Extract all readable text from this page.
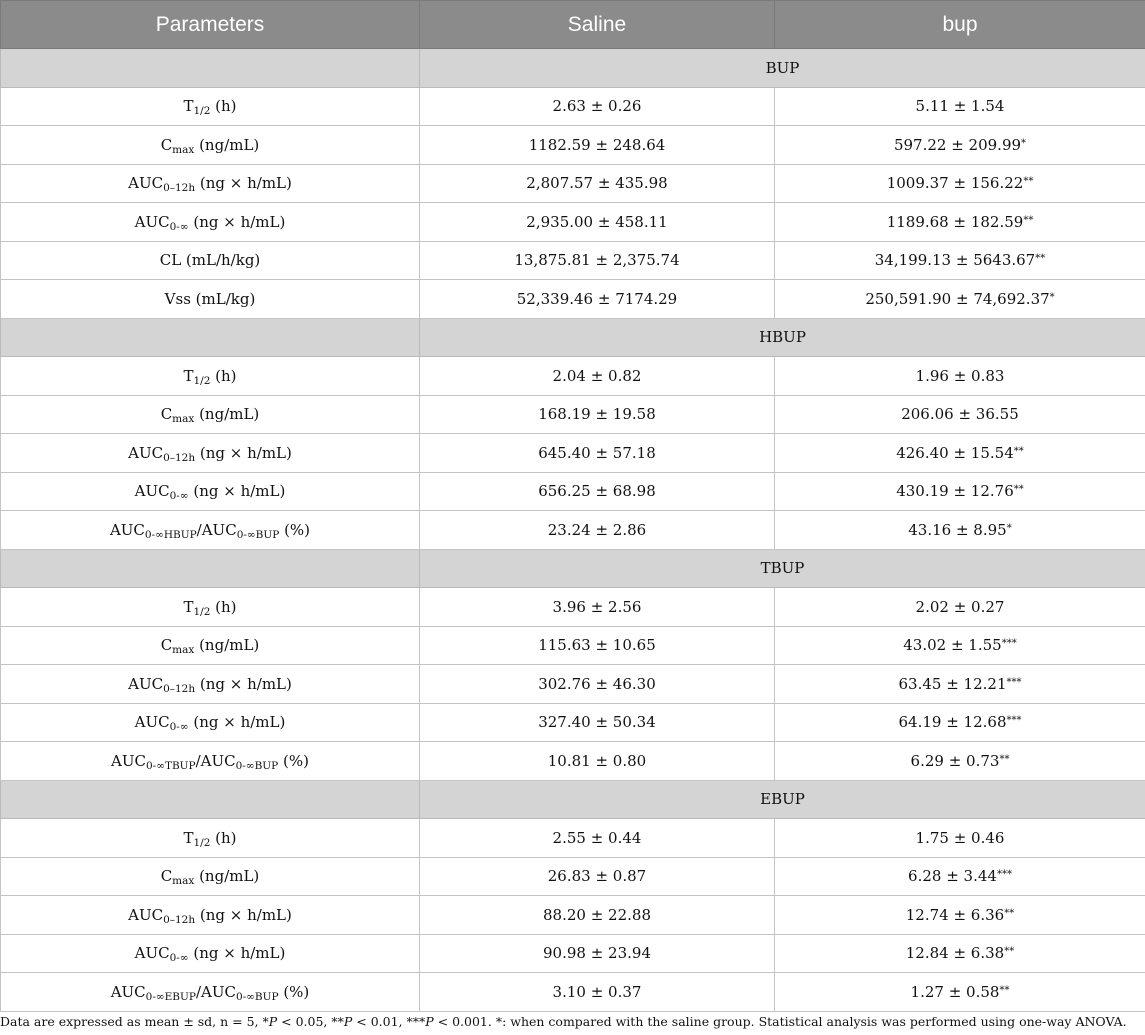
Parameters	Saline	bup
	BUP	
$T_{1/2}$ (h)	2.63 ± 0.26	5.11 ± 1.54
$C_{max}$ (ng/mL)	1182.59 ± 248.64	597.22 ± 209.99*
$AUC_{0-12h}$ (ng × h/mL)	2,807.57 ± 435.98	1009.37 ± 156.22**
$AUC_{0-\infty}$ (ng × h/mL)	2,935.00 ± 458.11	1189.68 ± 182.59**
CL (mL/h/kg)	13,875.81 ± 2,375.74	34,199.13 ± 5643.67**
Vss (mL/kg)	52,339.46 ± 7174.29	250,591.90 ± 74,692.37*
	HBUP	
$T_{1/2}$ (h)	2.04 ± 0.82	1.96 ± 0.83
$C_{max}$ (ng/mL)	168.19 ± 19.58	206.06 ± 36.55
$AUC_{0-12h}$ (ng × h/mL)	645.40 ± 57.18	426.40 ± 15.54**
$AUC_{0-\infty}$ (ng × h/mL)	656.25 ± 68.98	430.19 ± 12.76**
$AUC_{0-\infty HBUP}/AUC_{0-\infty BUP}$ (%)	23.24 ± 2.86	43.16 ± 8.95*
	TBUP	
$T_{1/2}$ (h)	3.96 ± 2.56	2.02 ± 0.27
$C_{max}$ (ng/mL)	115.63 ± 10.65	43.02 ± 1.55***
$AUC_{0-12h}$ (ng × h/mL)	302.76 ± 46.30	63.45 ± 12.21***
$AUC_{0-\infty}$ (ng × h/mL)	327.40 ± 50.34	64.19 ± 12.68***
$AUC_{0-\infty TBUP}/AUC_{0-\infty BUP}$ (%)	10.81 ± 0.80	6.29 ± 0.73**
	EBUP	
$T_{1/2}$ (h)	2.55 ± 0.44	1.75 ± 0.46
$C_{max}$ (ng/mL)	26.83 ± 0.87	6.28 ± 3.44***
$AUC_{0-12h}$ (ng × h/mL)	88.20 ± 22.88	12.74 ± 6.36**
$AUC_{0-\infty}$ (ng × h/mL)	90.98 ± 23.94	12.84 ± 6.38**
$AUC_{0-\infty EBUP}/AUC_{0-\infty BUP}$ (%)	3.10 ± 0.37	1.27 ± 0.58**

Data are expressed as mean ± sd, n = 5, *P < 0.05, **P < 0.01, ***P < 0.001. *: when compared with the saline group. Statistical analysis was performed using one-way ANOVA.
